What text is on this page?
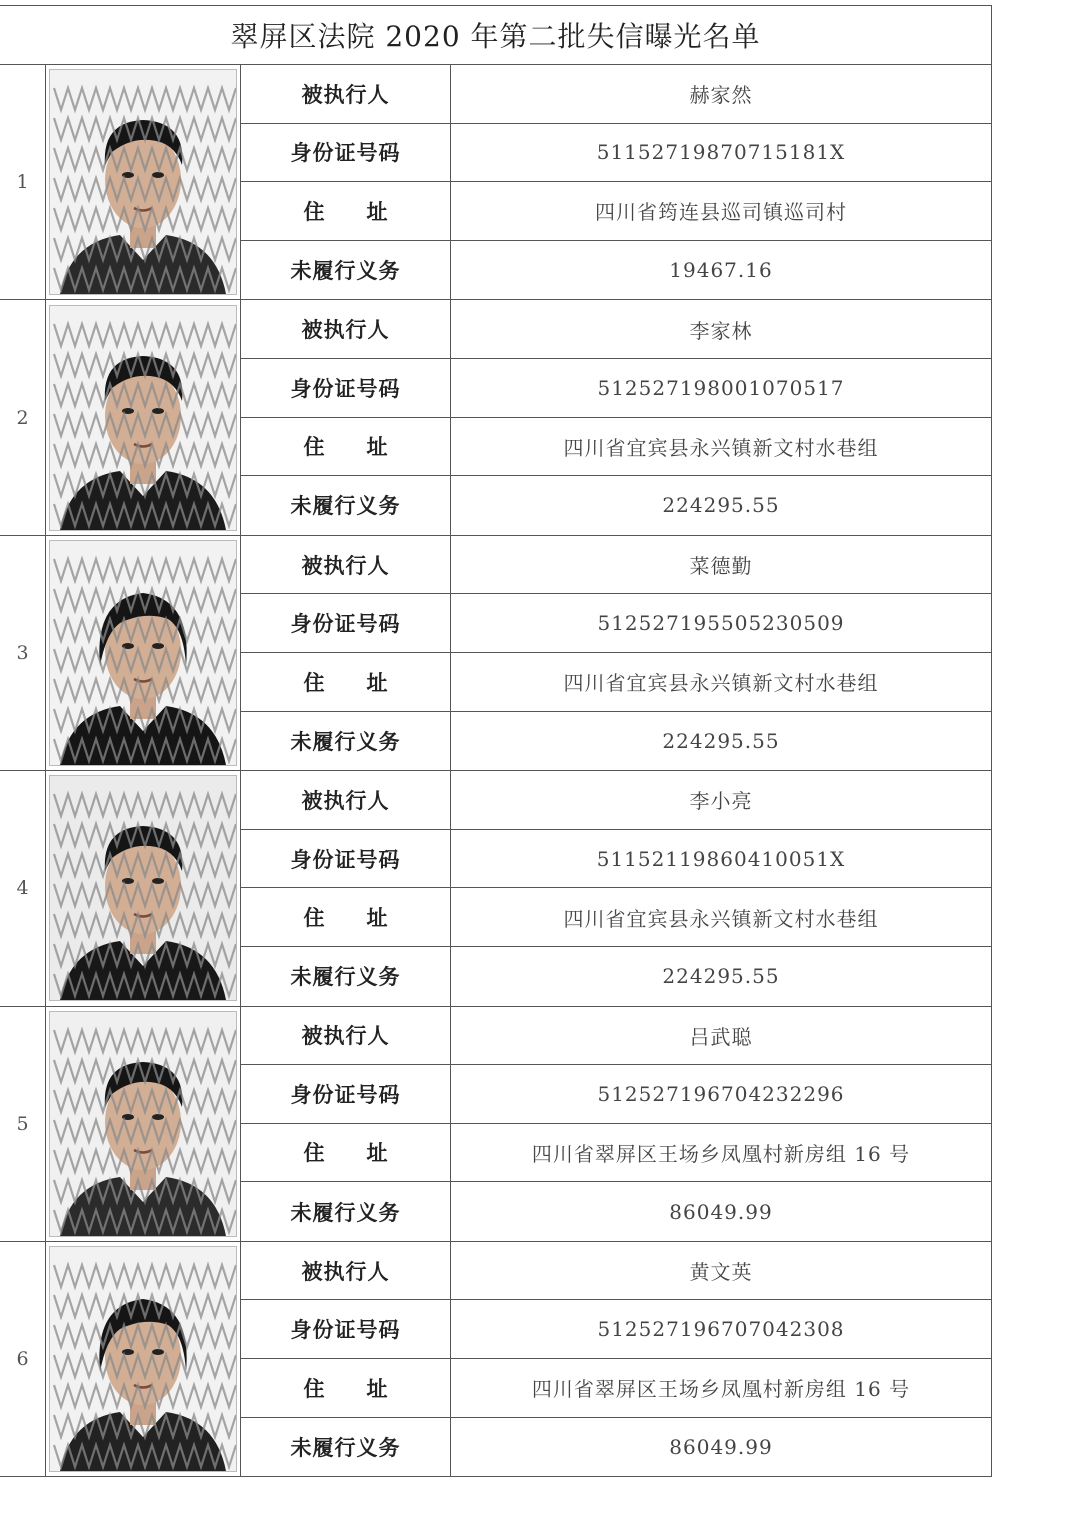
翠屏区法院 2020 年第二批失信曝光名单
1
被执行人	赫家然
身份证号码	51152719870715181X
住址	四川省筠连县巡司镇巡司村
未履行义务	19467.16
2
被执行人	李家林
身份证号码	512527198001070517
住址	四川省宜宾县永兴镇新文村水巷组
未履行义务	224295.55
3
被执行人	菜德勤
身份证号码	512527195505230509
住址	四川省宜宾县永兴镇新文村水巷组
未履行义务	224295.55
4
被执行人	李小亮
身份证号码	51152119860410051X
住址	四川省宜宾县永兴镇新文村水巷组
未履行义务	224295.55
5
被执行人	吕武聪
身份证号码	512527196704232296
住址	四川省翠屏区王场乡凤凰村新房组 16 号
未履行义务	86049.99
6
被执行人	黄文英
身份证号码	512527196707042308
住址	四川省翠屏区王场乡凤凰村新房组 16 号
未履行义务	86049.99
